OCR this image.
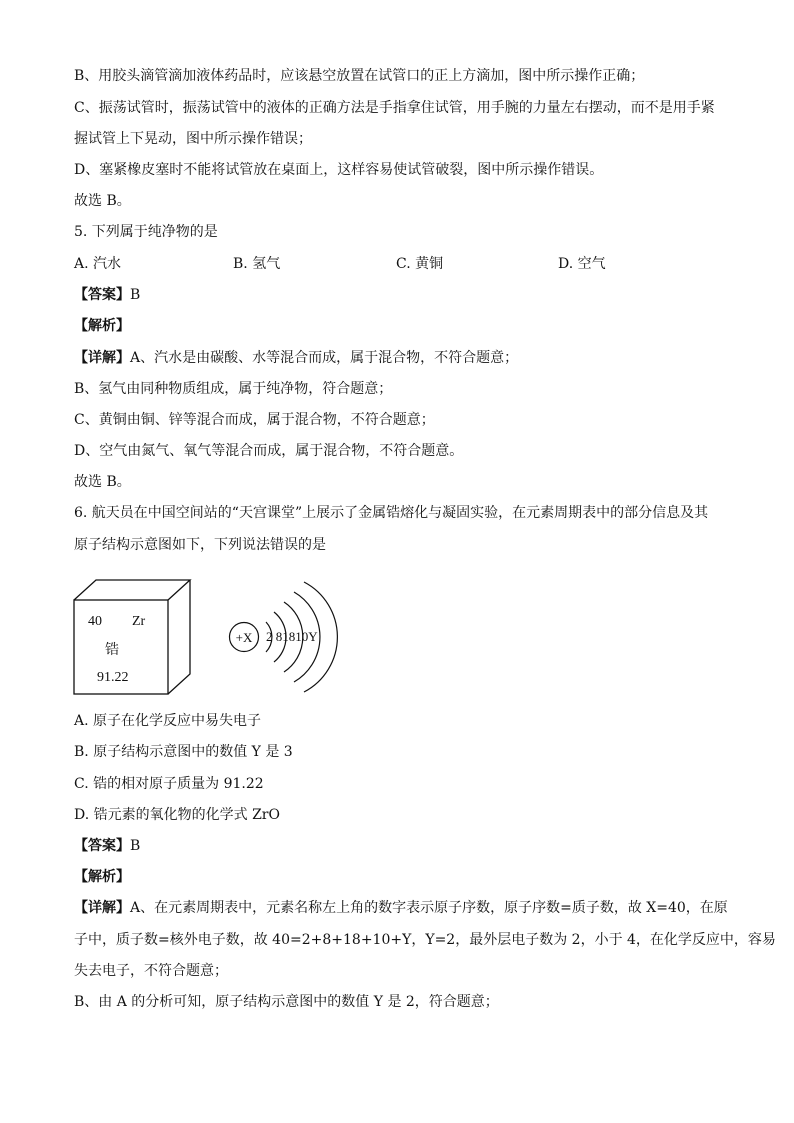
B、用胶头滴管滴加液体药品时，应该悬空放置在试管口的正上方滴加，图中所示操作正确；
C、振荡试管时，振荡试管中的液体的正确方法是手指拿住试管，用手腕的力量左右摆动，而不是用手紧
握试管上下晃动，图中所示操作错误；
D、塞紧橡皮塞时不能将试管放在桌面上，这样容易使试管破裂，图中所示操作错误。
故选 B。
5. 下列属于纯净物的是
A. 汽水	B. 氢气	C. 黄铜	D. 空气
【答案】B
【解析】
【详解】A、汽水是由碳酸、水等混合而成，属于混合物，不符合题意；
B、氢气由同种物质组成，属于纯净物，符合题意；
C、黄铜由铜、锌等混合而成，属于混合物，不符合题意；
D、空气由氮气、氧气等混合而成，属于混合物，不符合题意。
故选 B。
6. 航天员在中国空间站的“天宫课堂”上展示了金属锆熔化与凝固实验，在元素周期表中的部分信息及其
原子结构示意图如下，下列说法错误的是
40 Zr
锆
91.22
+X 2 81810Y
A. 原子在化学反应中易失电子
B. 原子结构示意图中的数值 Y 是 3
C. 锆的相对原子质量为 91.22
D. 锆元素的氧化物的化学式 ZrO
【答案】B
【解析】
【详解】A、在元素周期表中，元素名称左上角的数字表示原子序数，原子序数=质子数，故 X=40，在原
子中，质子数=核外电子数，故 40=2+8+18+10+Y，Y=2，最外层电子数为 2，小于 4，在化学反应中，容易
失去电子，不符合题意；
B、由 A 的分析可知，原子结构示意图中的数值 Y 是 2，符合题意；
